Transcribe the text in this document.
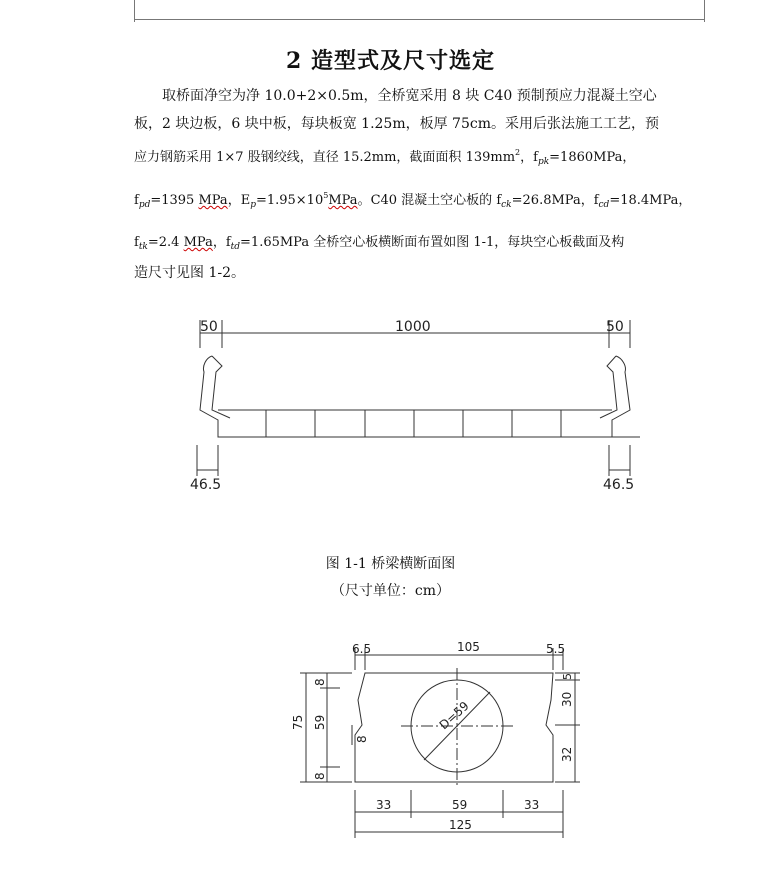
2 造型式及尺寸选定

取桥面净空为净 10.0+2×0.5m，全桥宽采用 8 块 C40 预制预应力混凝土空心

板，2 块边板，6 块中板，每块板宽 1.25m，板厚 75cm。采用后张法施工工艺，预

应力钢筋采用 1×7 股钢绞线，直径 15.2mm，截面面积 $139mm^2$，$f_{pk}=1860MPa$，
$f_{pd}=1395$ MPa，$E_p=1.95\times 10^5MPa$。C40 混凝土空心板的 $f_{ck}=26.8MPa$，$f_{cd}=18.4MPa$，
$f_{tk}=2.4$ MPa，$f_{td}=1.65MPa$ 全桥空心板横断面布置如图 1-1，每块空心板截面及构
造尺寸见图 1-2。
50	1000	50
46.5	46.5
6.5	105	5.5
75
8
59
8
8
5
30
32
D=59
33	59	33
125
图 1-1 桥梁横断面图
（尺寸单位：cm）
